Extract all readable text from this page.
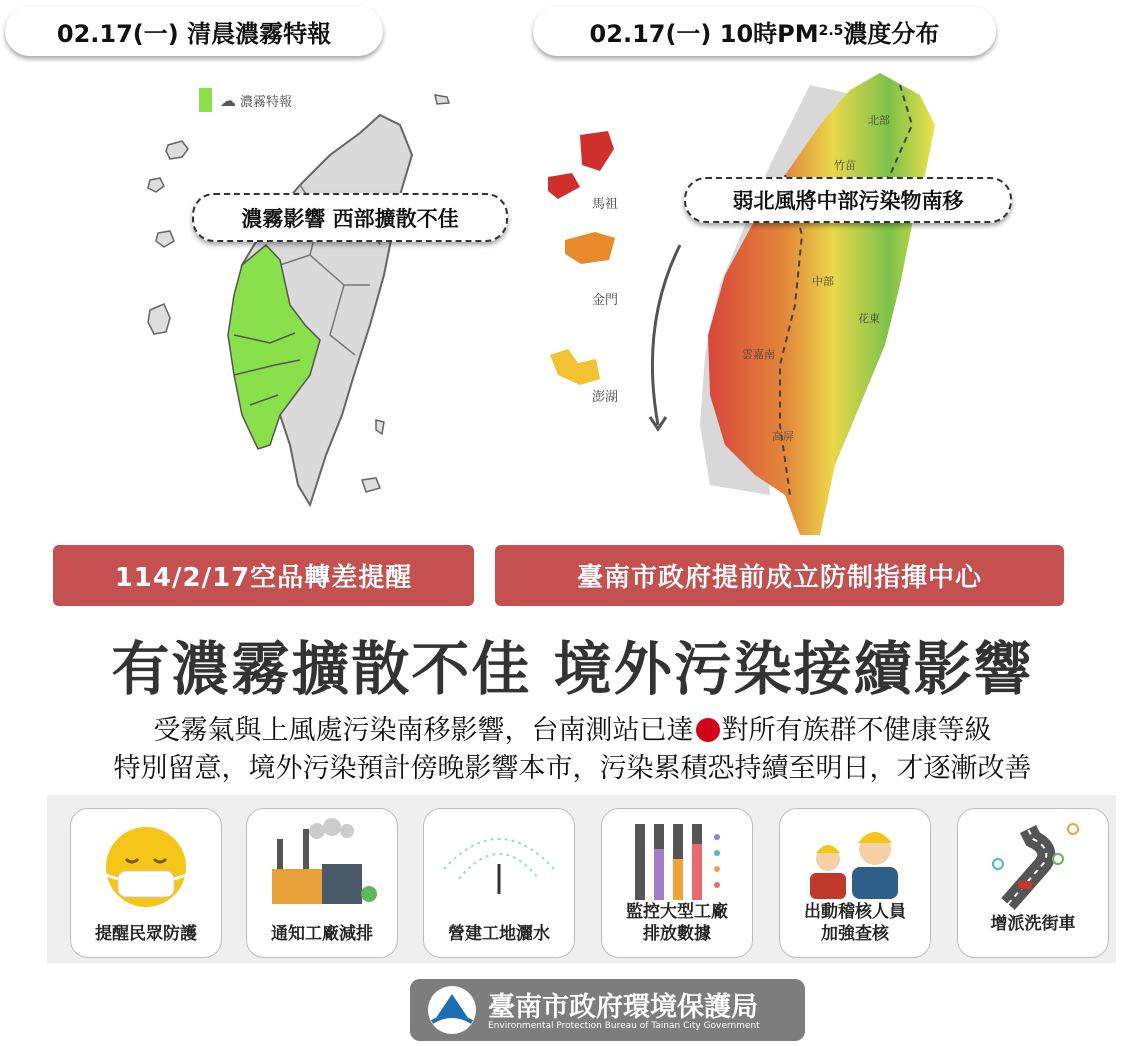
02.17(一) 清晨濃霧特報	02.17(一) 10時PM 2.5 濃度分布
☁ 濃霧特報
濃霧影響 西部擴散不佳
馬祖
金門
澎湖
北部
竹苗
中部
花東
雲嘉南
高屏
弱北風將中部污染物南移
114/2/17空品轉差提醒	臺南市政府提前成立防制指揮中心
有濃霧擴散不佳 境外污染接續影響
受霧氣與上風處污染南移影響，台南測站已達 對所有族群不健康等級
特別留意，境外污染預計傍晚影響本市，污染累積恐持續至明日，才逐漸改善
提醒民眾防護	通知工廠減排	營建工地灑水
監控大型工廠
排放數據
出動稽核人員
加強查核	增派洗街車
臺南市政府環境保護局
Environmental Protection Bureau of Tainan City Government
